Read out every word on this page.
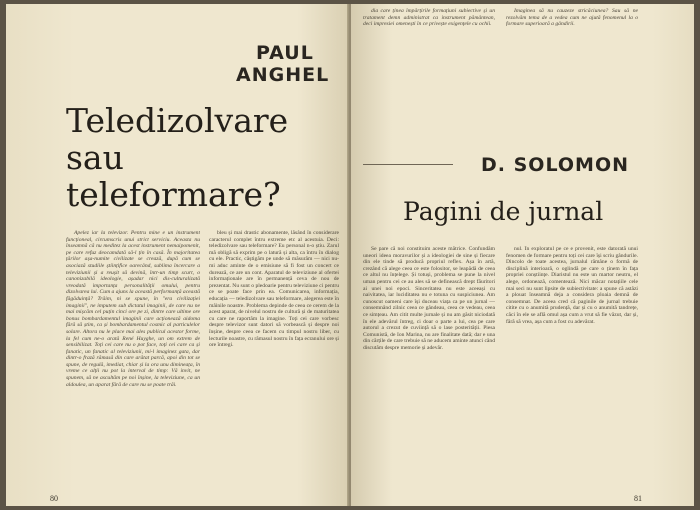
PAUL
ANGHEL
Teledizolvare
sau
teleformare?

Apelez iar la televizor. Pentru mine e un instrument funcționeal, circumscris unui strict serviciu. Aceasta nu înseamnă că nu meditez la acest instrument nemaipomenit, pe care refuz deocamdată să-l țin în casă. În majoritatea țărilor așa-numite civilizate se crează, după cum se asociază studiile științifice oarecând, sublima încercare a televiziunii și a reușit să devină, într-un timp scurt, o canonizabilă ideologie, așadar nici dis-culturalizată vreodată importanța personalității omului, pentru dizolvarea lui. Cum a ajuns la această performanță această făgăduință? Trăim, ni se spune, în "era civilizației imaginii", ne imputem sub dictatul imaginii, de care nu ne mai mișcăm cel puțin cinci ore pe zi, dintre care ultime ore bonus bombardamentul imaginii care acționează aidoma fără să știm, ca și bombardamentul cosmic al particulelor solare. Altora nu le place mai ales publicul acestor forme, la fel cum ne-o arată René Huyghe, un om extrem de sensibilizat. Toți cei care nu o pot face, toți cei care ca și fanatic, un fanatic al televiziunii, mi-l imaginez gata, dar dintr-o frază rămasă din care arătat parcă, apoi din tot se spune, de regulă, imediat, chiar și la ora unu dimineața, în vreme ce alții nu pot la interval de timp: Vă invit, ne spunem, să ne ascultăm pe noi înșine, la televiziune, ca un aldoulea, un aparat fără de care nu se poate trăi.

bleu și mai drastic abonamente, lăsând în considerare caracterul complet întru extreme etc al acestuia. Deci: teledizolvare sau teleformare? Eu personal n-o știu. Zarul mă obligă să exprim pe o latură și alta, ca întru în dialog cu ele. Practic, câștigăm pe unde să măsurăm — nici nu-mi aduc aminte de o emisiune să fi fost un concert ce durează, ce are un cont. Aparatul de televiziune al ofertei informaționale are în permanență ceva de nou de prezentat. Nu sunt o pledoarie pentru televiziune ci pentru ce se poate face prin ea. Comunicarea, informația, educația — teledizolvare sau teleformare, alegerea este în mâinile noastre. Problema depinde de ceea ce cerem de la acest aparat, de nivelul nostru de cultură și de maturitatea cu care ne raportăm la imagine. Toți cei care vorbesc despre televizor sunt datori să vorbească și despre noi înșine, despre ceea ce facem cu timpul nostru liber, cu lecturile noastre, cu rămasul nostru în fața ecranului ore și ore întregi.

80

dia care ținea împărțirile formațiuni subiective și un tratament demn administrat ca instrument pământean, deci impresiei omenești în ce privește exigențele cu ochii.

Imaginea să nu cauzeze stricăciunea? Sau să ne rezolvăm tema de a vedea cum ne ajută fenomenul la o formare superioară a gândirii.

D. SOLOMON
Pagini de jurnal

Se pare că noi constituim aceste mătrice. Confundăm uneori ideea moravurilor și a ideologiei de sine și fiecare din ele tinde să producă propriul reflex. Așa în artă, crezând că alege ceea ce este folositor, se leapădă de ceea ce altul nu înțelege. Și totuși, problema se pune la nivel uman pentru cei ce au ales să se definească drept făuritori ai unei noi epoci. Sinceritatea nu este aceeași cu naivitatea, iar luciditatea nu e totuna cu suspiciunea. Am cunoscut oameni care își duceau viața ca pe un jurnal — consemnând zilnic ceea ce gândeau, ceea ce vedeau, ceea ce simțeau. Am citit multe jurnale și nu am găsit niciodată în ele adevărul întreg, ci doar o parte a lui, cea pe care autorul a crezut de cuviință să o lase posterității. Piesa Comunistă, de Ion Marina, nu are finalitate dată; dar e una din cărțile de care trebuie să ne aducem aminte atunci când discutăm despre memorie și adevăr.

nul. În exploratul pe ce e provenit, este datorată unui fenomen de formare pentru toți cei care își scriu gândurile. Dincolo de toate acestea, jurnalul rămâne o formă de disciplină interioară, o oglindă pe care o ținem în fața propriei conștiințe. Diaristul nu este un martor neutru, el alege, ordonează, comentează. Nici măcar notațiile cele mai seci nu sunt lipsite de subiectivitate: a spune că astăzi a plouat înseamnă deja a considera ploaia demnă de consemnat. De aceea cred că paginile de jurnal trebuie citite cu o anumită prudență, dar și cu o anumită tandrețe, căci în ele se află omul așa cum a vrut să fie văzut, dar și, fără să vrea, așa cum a fost cu adevărat.

81
